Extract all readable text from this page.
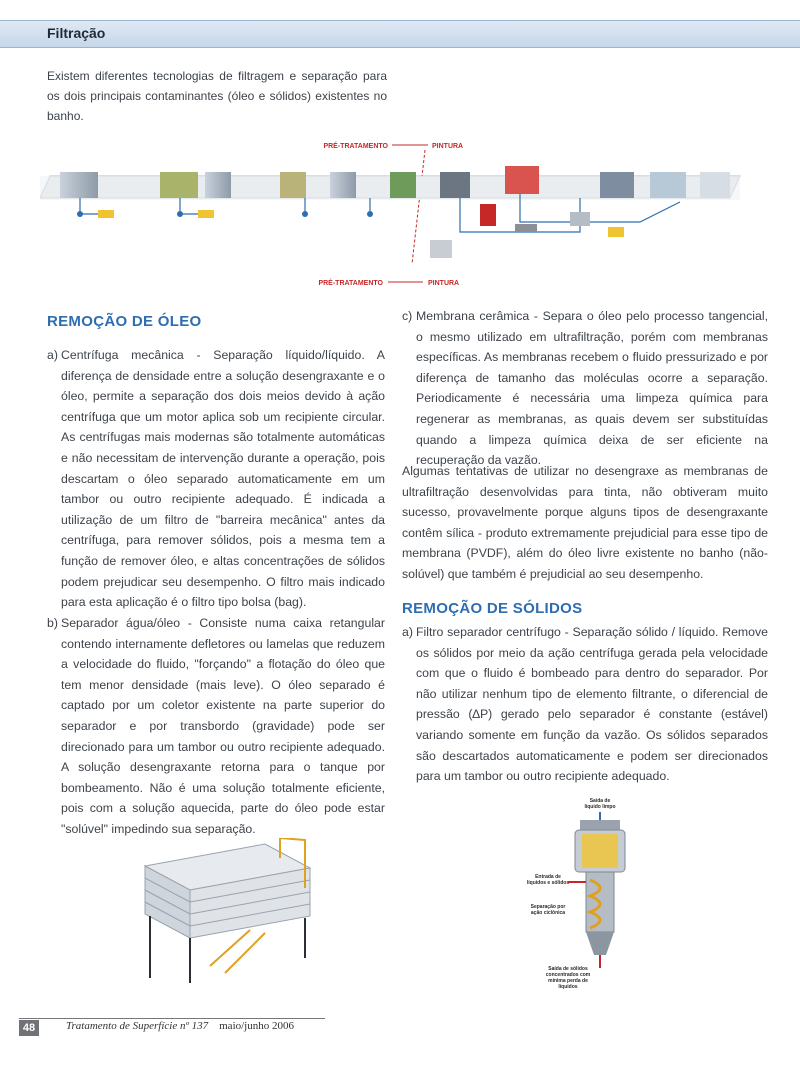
Filtração
Existem diferentes tecnologias de filtragem e separação para os dois principais contaminantes (óleo e sólidos) existentes no banho.
PRÉ-TRATAMENTO	PINTURA
PRÉ-TRATAMENTO	PINTURA
REMOÇÃO DE ÓLEO
a) Centrífuga mecânica - Separação líquido/líquido. A diferença de densidade entre a solução desengraxante e o óleo, permite a separação dos dois meios devido à ação centrífuga que um motor aplica sob um recipiente circular. As centrífugas mais modernas são totalmente automáticas e não necessitam de intervenção durante a operação, pois descartam o óleo separado automaticamente em um tambor ou outro recipiente adequado. É indicada a utilização de um filtro de "barreira mecânica" antes da centrífuga, para remover sólidos, pois a mesma tem a função de remover óleo, e altas concentrações de sólidos podem prejudicar seu desempenho. O filtro mais indicado para esta aplicação é o filtro tipo bolsa (bag).

b) Separador água/óleo - Consiste numa caixa retangular contendo internamente defletores ou lamelas que reduzem a velocidade do fluido, "forçando" a flotação do óleo que tem menor densidade (mais leve). O óleo separado é captado por um coletor existente na parte superior do separador e por transbordo (gravidade) pode ser direcionado para um tambor ou outro recipiente adequado. A solução desengraxante retorna para o tanque por bombeamento. Não é uma solução totalmente eficiente, pois com a solução aquecida, parte do óleo pode estar "solúvel" impedindo sua separação.

c) Membrana cerâmica - Separa o óleo pelo processo tangencial, o mesmo utilizado em ultrafiltração, porém com membranas específicas. As membranas recebem o fluido pressurizado e por diferença de tamanho das moléculas ocorre a separação. Periodicamente é necessária uma limpeza química para regenerar as membranas, as quais devem ser substituídas quando a limpeza química deixa de ser eficiente na recuperação da vazão.

Algumas tentativas de utilizar no desengraxe as membranas de ultrafiltração desenvolvidas para tinta, não obtiveram muito sucesso, provavelmente porque alguns tipos de desengraxante contêm sílica - produto extremamente prejudicial para esse tipo de membrana (PVDF), além do óleo livre existente no banho (não-solúvel) que também é prejudicial ao seu desempenho.
REMOÇÃO DE SÓLIDOS
a) Filtro separador centrífugo - Separação sólido / líquido. Remove os sólidos por meio da ação centrífuga gerada pela velocidade com que o fluido é bombeado para dentro do separador. Por não utilizar nenhum tipo de elemento filtrante, o diferencial de pressão (∆P) gerado pelo separador é constante (estável) variando somente em função da vazão. Os sólidos separados são descartados automaticamente e podem ser direcionados para um tambor ou outro recipiente adequado.

Saída de
líquido limpo
Entrada de
líquidos e sólidos
Separação por
ação ciclônica
Saída de sólidos
concentrados com
mínima perda de
líquidos
48	Tratamento de Superfície nº 137 maio/junho 2006
